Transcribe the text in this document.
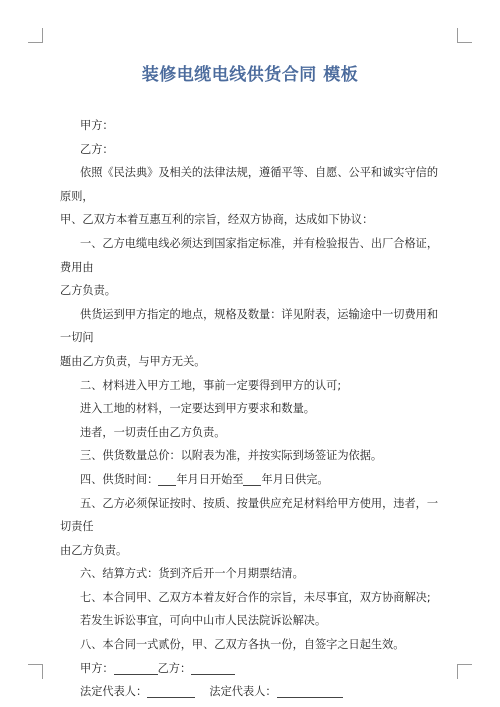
装修电缆电线供货合同 模板

甲方：

乙方：

依照《民法典》及相关的法律法规，遵循平等、自愿、公平和诚实守信的原则，

甲、乙双方本着互惠互利的宗旨，经双方协商，达成如下协议：

一、乙方电缆电线必须达到国家指定标准，并有检验报告、出厂合格证，费用由

乙方负责。

供货运到甲方指定的地点，规格及数量：详见附表，运输途中一切费用和一切问

题由乙方负责，与甲方无关。

二、材料进入甲方工地，事前一定要得到甲方的认可;

进入工地的材料，一定要达到甲方要求和数量。

违者，一切责任由乙方负责。

三、供货数量总价：以附表为准，并按实际到场签证为依据。

四、供货时间： 年月日开始至 年月日供完。

五、乙方必须保证按时、按质、按量供应充足材料给甲方使用，违者，一切责任

由乙方负责。

六、结算方式：货到齐后开一个月期票结清。

七、本合同甲、乙双方本着友好合作的宗旨，未尽事宜，双方协商解决;

若发生诉讼事宜，可向中山市人民法院诉讼解决。

八、本合同一式贰份，甲、乙双方各执一份，自签字之日起生效。

甲方：	乙方：

法定代表人：	法定代表人：
